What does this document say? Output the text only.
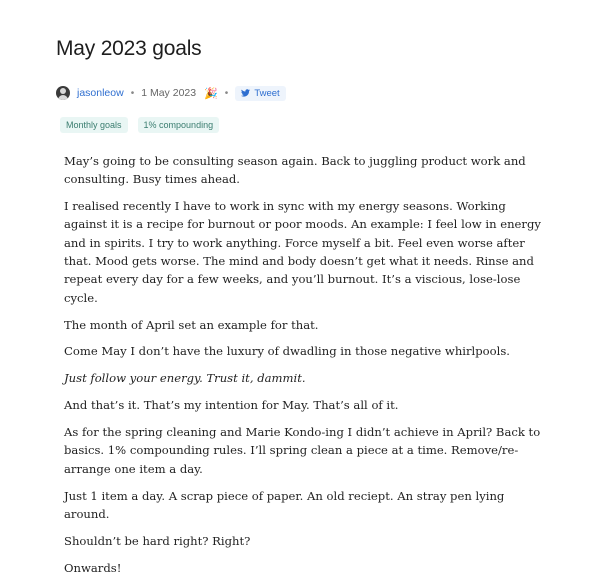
May 2023 goals
jasonleow • 1 May 2023 🎉 •	Tweet
Monthly goals	1% compounding

May’s going to be consulting season again. Back to juggling product work and consulting. Busy times ahead.

I realised recently I have to work in sync with my energy seasons. Working against it is a recipe for burnout or poor moods. An example: I feel low in energy and in spirits. I try to work anything. Force myself a bit. Feel even worse after that. Mood gets worse. The mind and body doesn’t get what it needs. Rinse and repeat every day for a few weeks, and you’ll burnout. It’s a viscious, lose-lose cycle.

The month of April set an example for that.

Come May I don’t have the luxury of dwadling in those negative whirlpools.

Just follow your energy. Trust it, dammit.

And that’s it. That’s my intention for May. That’s all of it.

As for the spring cleaning and Marie Kondo-ing I didn’t achieve in April? Back to basics. 1% compounding rules. I’ll spring clean a piece at a time. Remove/re-arrange one item a day.

Just 1 item a day. A scrap piece of paper. An old reciept. An stray pen lying around.

Shouldn’t be hard right? Right?

Onwards!
